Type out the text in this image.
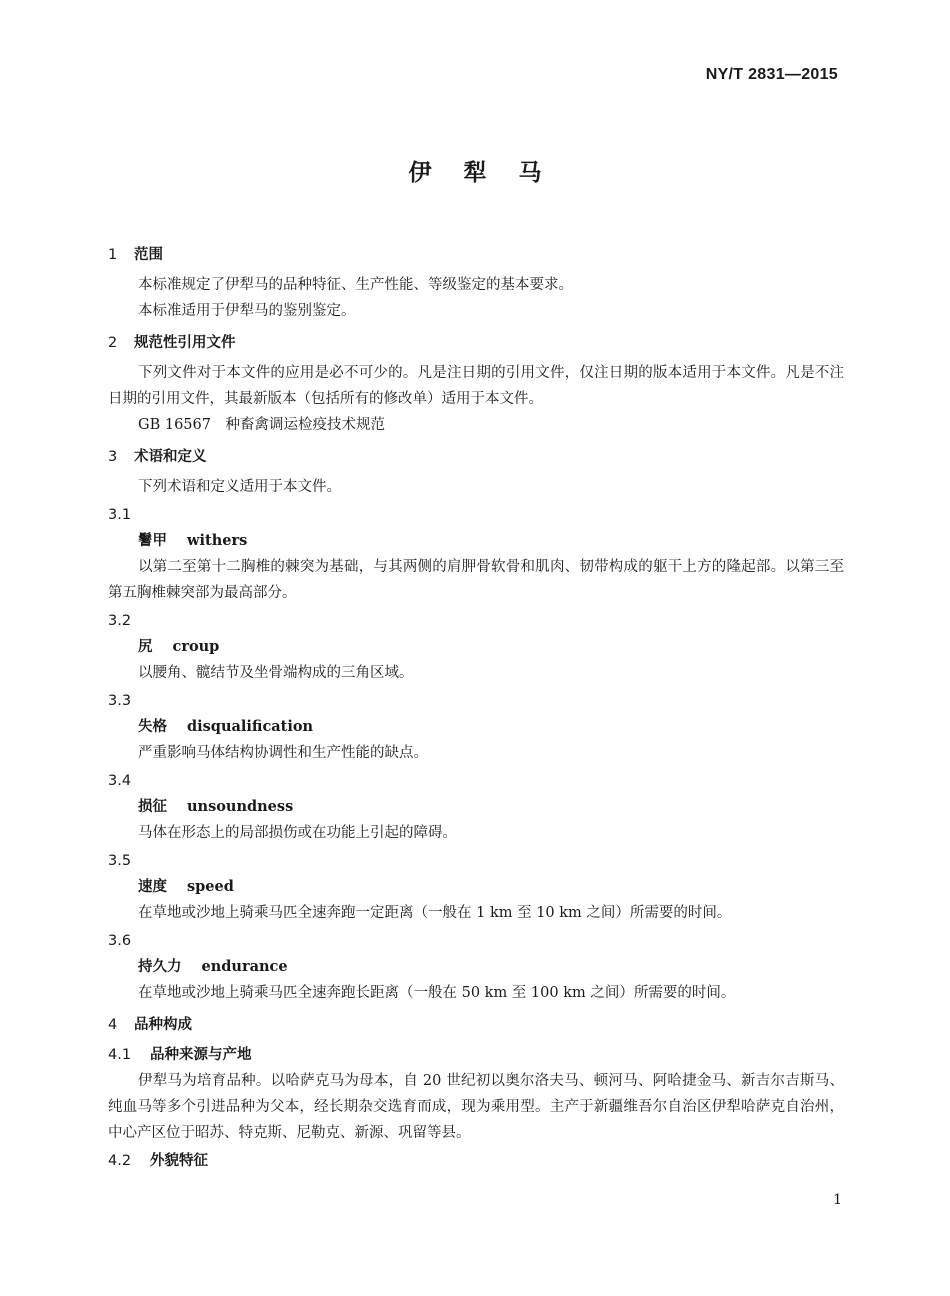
NY/T 2831—2015
伊犁马
1	范围
本标准规定了伊犁马的品种特征、生产性能、等级鉴定的基本要求。
本标准适用于伊犁马的鉴别鉴定。
2	规范性引用文件
下列文件对于本文件的应用是必不可少的。凡是注日期的引用文件，仅注日期的版本适用于本文件。凡是不注日期的引用文件，其最新版本（包括所有的修改单）适用于本文件。
GB 16567　种畜禽调运检疫技术规范
3	术语和定义
下列术语和定义适用于本文件。
3.1
鬐甲 withers
以第二至第十二胸椎的棘突为基础，与其两侧的肩胛骨软骨和肌肉、韧带构成的躯干上方的隆起部。以第三至第五胸椎棘突部为最高部分。
3.2
尻 croup
以腰角、髋结节及坐骨端构成的三角区域。
3.3
失格 disqualification
严重影响马体结构协调性和生产性能的缺点。
3.4
损征 unsoundness
马体在形态上的局部损伤或在功能上引起的障碍。
3.5
速度 speed
在草地或沙地上骑乘马匹全速奔跑一定距离（一般在 1 km 至 10 km 之间）所需要的时间。
3.6
持久力 endurance
在草地或沙地上骑乘马匹全速奔跑长距离（一般在 50 km 至 100 km 之间）所需要的时间。
4	品种构成
4.1	品种来源与产地
伊犁马为培育品种。以哈萨克马为母本，自 20 世纪初以奥尔洛夫马、顿河马、阿哈捷金马、新吉尔吉斯马、纯血马等多个引进品种为父本，经长期杂交选育而成，现为乘用型。主产于新疆维吾尔自治区伊犁哈萨克自治州，中心产区位于昭苏、特克斯、尼勒克、新源、巩留等县。
4.2	外貌特征
1
